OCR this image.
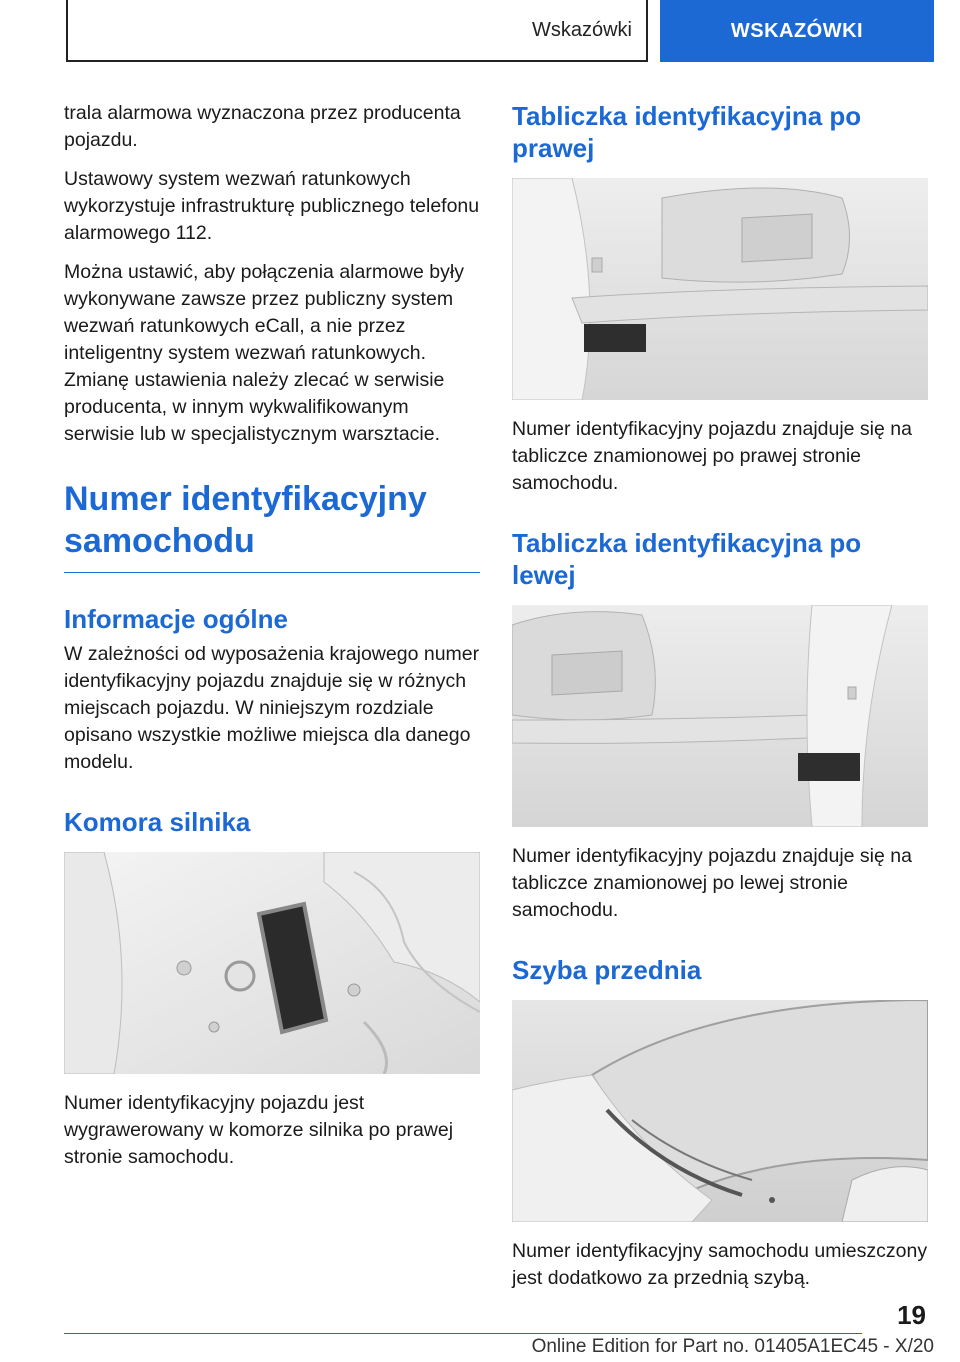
Wskazówki	WSKAZÓWKI

trala alarmowa wyznaczona przez producenta pojazdu.

Ustawowy system wezwań ratunkowych wykorzystuje infrastrukturę publicznego telefonu alarmowego 112.

Można ustawić, aby połączenia alarmowe były wykonywane zawsze przez publiczny system wezwań ratunkowych eCall, a nie przez inteligentny system wezwań ratunkowych. Zmianę ustawienia należy zlecać w serwisie producenta, w innym wykwalifikowanym serwisie lub w specjalistycznym warsztacie.

Numer identyfikacyjny samochodu
Informacje ogólne

W zależności od wyposażenia krajowego numer identyfikacyjny pojazdu znajduje się w różnych miejscach pojazdu. W niniejszym rozdziale opisano wszystkie możliwe miejsca dla danego modelu.

Komora silnika

Numer identyfikacyjny pojazdu jest wygrawerowany w komorze silnika po prawej stronie samochodu.

Tabliczka identyfikacyjna po prawej

Numer identyfikacyjny pojazdu znajduje się na tabliczce znamionowej po prawej stronie samochodu.

Tabliczka identyfikacyjna po lewej

Numer identyfikacyjny pojazdu znajduje się na tabliczce znamionowej po lewej stronie samochodu.

Szyba przednia

Numer identyfikacyjny samochodu umieszczony jest dodatkowo za przednią szybą.

19
Online Edition for Part no. 01405A1EC45 - X/20
